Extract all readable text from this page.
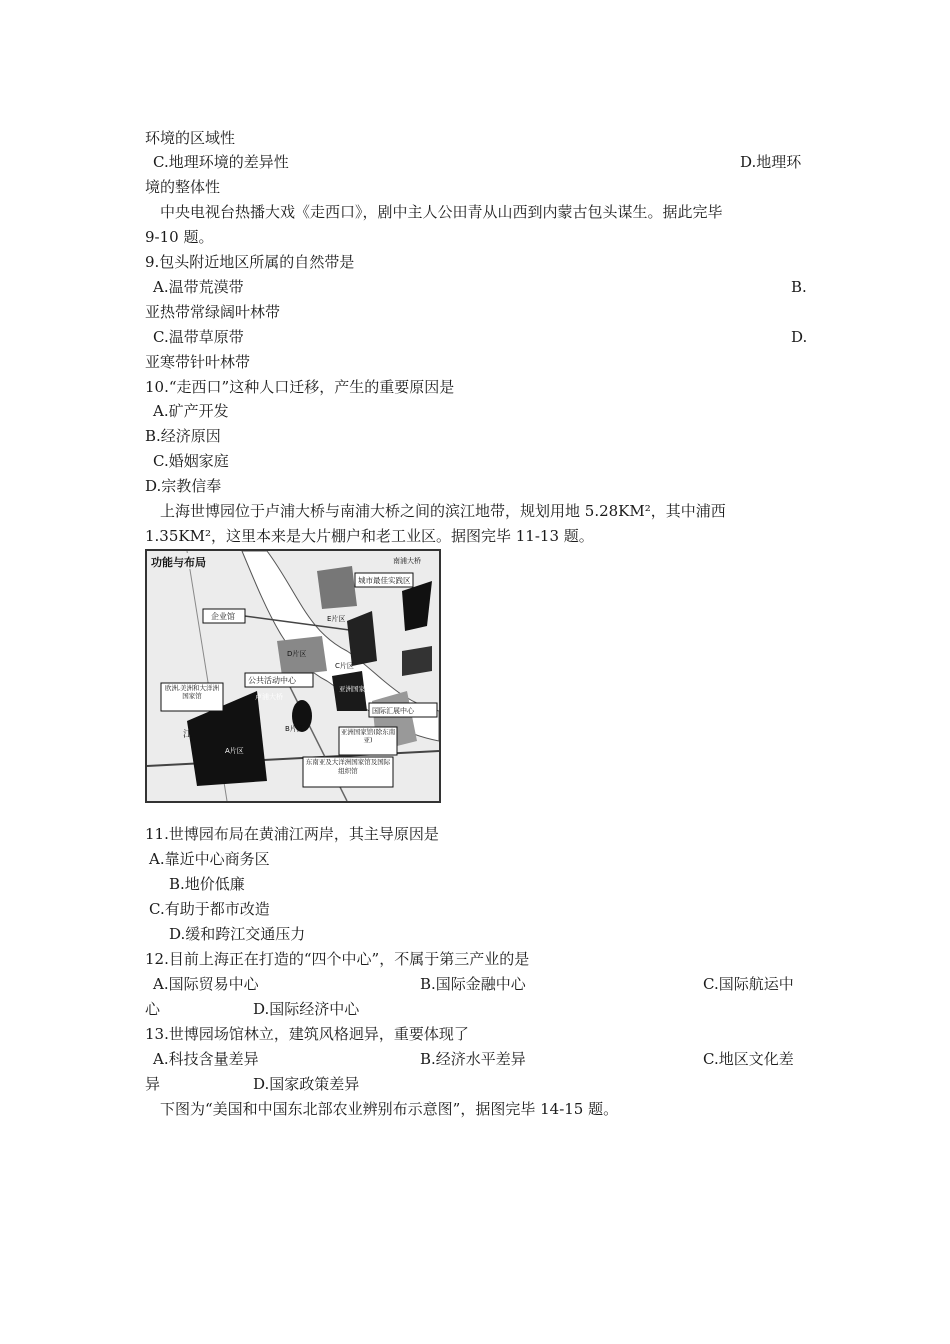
环境的区域性
C.地理环境的差异性	D.地理环
境的整体性
中央电视台热播大戏《走西口》，剧中主人公田青从山西到内蒙古包头谋生。据此完毕
9-10 题。
9.包头附近地区所属的自然带是
A.温带荒漠带	B.
亚热带常绿阔叶林带
C.温带草原带	D.
亚寒带针叶林带
10.“走西口”这种人口迁移，产生的重要原因是
A.矿产开发
B.经济原因
C.婚姻家庭
D.宗教信奉
上海世博园位于卢浦大桥与南浦大桥之间的滨江地带，规划用地 5.28KM²，其中浦西
1.35KM²，这里本来是大片棚户和老工业区。据图完毕 11-13 题。
功能与布局	南浦大桥
城市最佳实践区
企业馆
公共活动中心
卢浦大桥
欧洲,美洲和大洋洲国家馆
亚洲国家馆(除东南亚)
东南亚及大洋洲国家馆及国际组织馆
亚洲国家馆
国际汇展中心
E片区
D片区
C片区
B片区
A片区
江
11.世博园布局在黄浦江两岸，其主导原因是
A.靠近中心商务区
B.地价低廉
C.有助于都市改造
D.缓和跨江交通压力
12.目前上海正在打造的“四个中心”，不属于第三产业的是
A.国际贸易中心	B.国际金融中心	C.国际航运中
心	D.国际经济中心
13.世博园场馆林立，建筑风格迥异，重要体现了
A.科技含量差异	B.经济水平差异	C.地区文化差
异	D.国家政策差异
下图为“美国和中国东北部农业辨别布示意图”，据图完毕 14-15 题。
